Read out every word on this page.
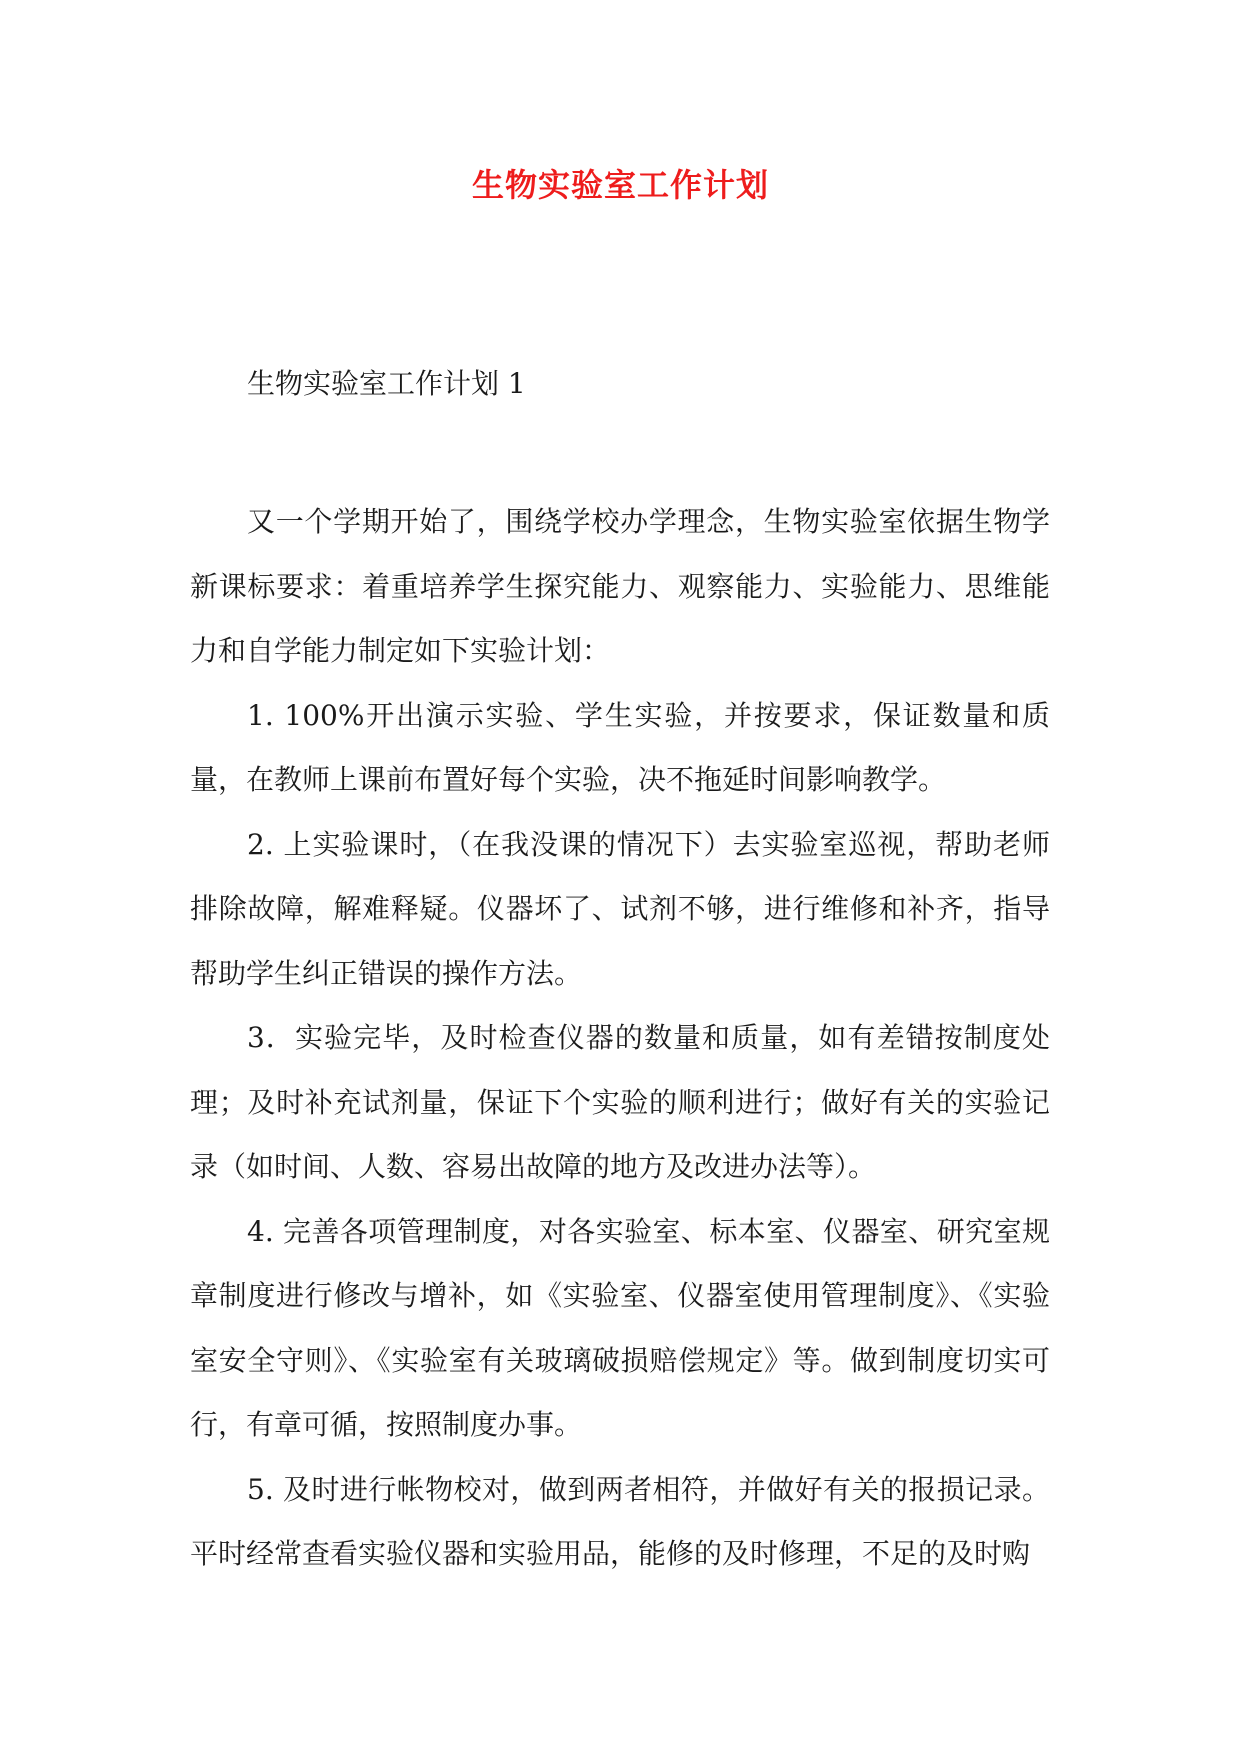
生物实验室工作计划

生物实验室工作计划 1

又一个学期开始了，围绕学校办学理念，生物实验室依据生物学新课标要求：着重培养学生探究能力、观察能力、实验能力、思维能力和自学能力制定如下实验计划：

1. 100%开出演示实验、学生实验，并按要求，保证数量和质量，在教师上课前布置好每个实验，决不拖延时间影响教学。

2. 上实验课时，（在我没课的情况下）去实验室巡视，帮助老师排除故障，解难释疑。仪器坏了、试剂不够，进行维修和补齐，指导帮助学生纠正错误的操作方法。

3．实验完毕，及时检查仪器的数量和质量，如有差错按制度处理；及时补充试剂量，保证下个实验的顺利进行；做好有关的实验记录（如时间、人数、容易出故障的地方及改进办法等）。

4. 完善各项管理制度，对各实验室、标本室、仪器室、研究室规章制度进行修改与增补，如《实验室、仪器室使用管理制度》、《实验室安全守则》、《实验室有关玻璃破损赔偿规定》等。做到制度切实可行，有章可循，按照制度办事。

5. 及时进行帐物校对，做到两者相符，并做好有关的报损记录。平时经常查看实验仪器和实验用品，能修的及时修理，不足的及时购
